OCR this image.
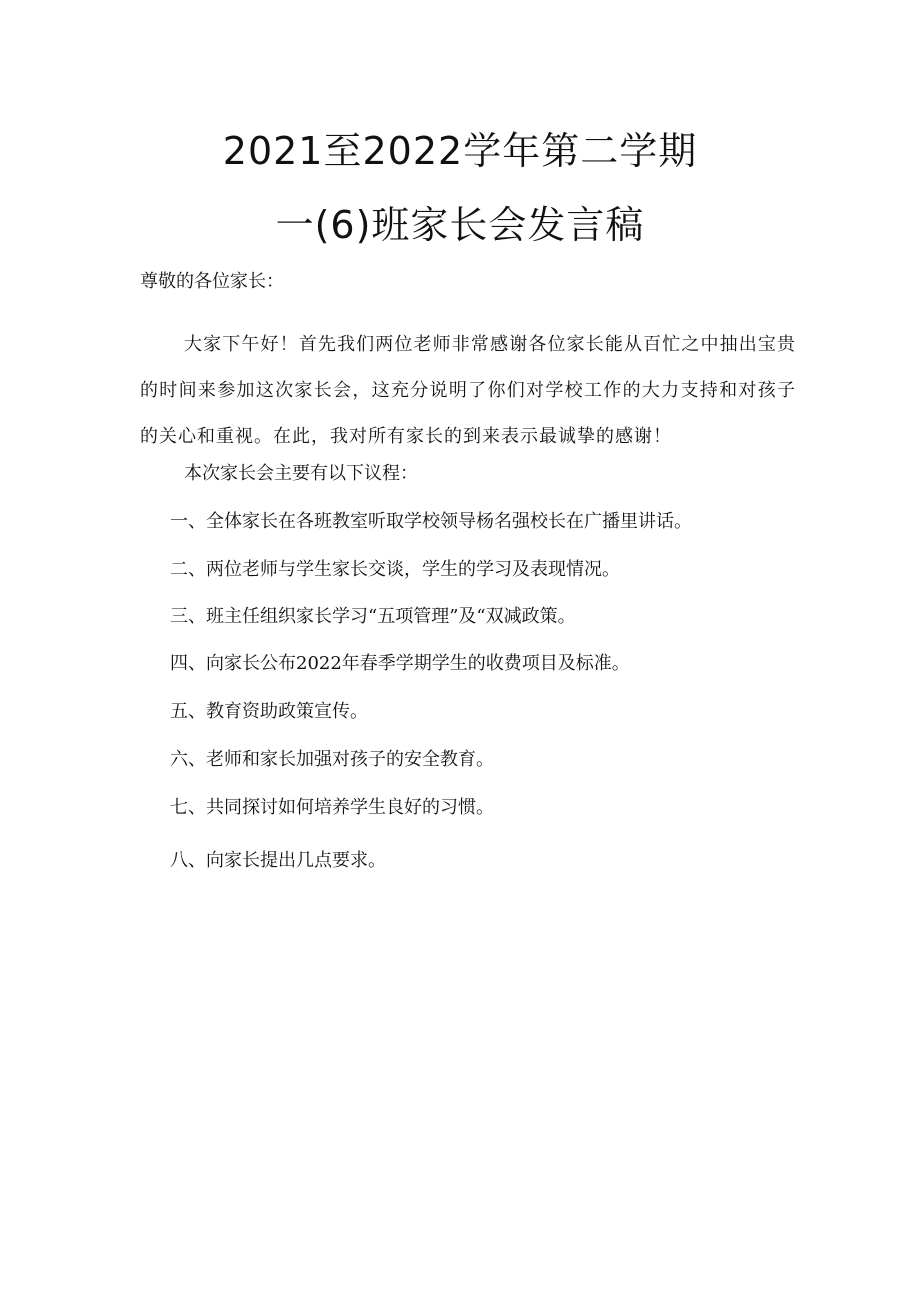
2021至2022学年第二学期
一(6)班家长会发言稿
尊敬的各位家长：
大家下午好！首先我们两位老师非常感谢各位家长能从百忙之中抽出宝贵的时间来参加这次家长会，这充分说明了你们对学校工作的大力支持和对孩子的关心和重视。在此，我对所有家长的到来表示最诚挚的感谢！
本次家长会主要有以下议程：
一、全体家长在各班教室听取学校领导杨名强校长在广播里讲话。
二、两位老师与学生家长交谈，学生的学习及表现情况。
三、班主任组织家长学习“五项管理”及“双减政策。
四、向家长公布2022年春季学期学生的收费项目及标准。
五、教育资助政策宣传。
六、老师和家长加强对孩子的安全教育。
七、共同探讨如何培养学生良好的习惯。
八、向家长提出几点要求。
